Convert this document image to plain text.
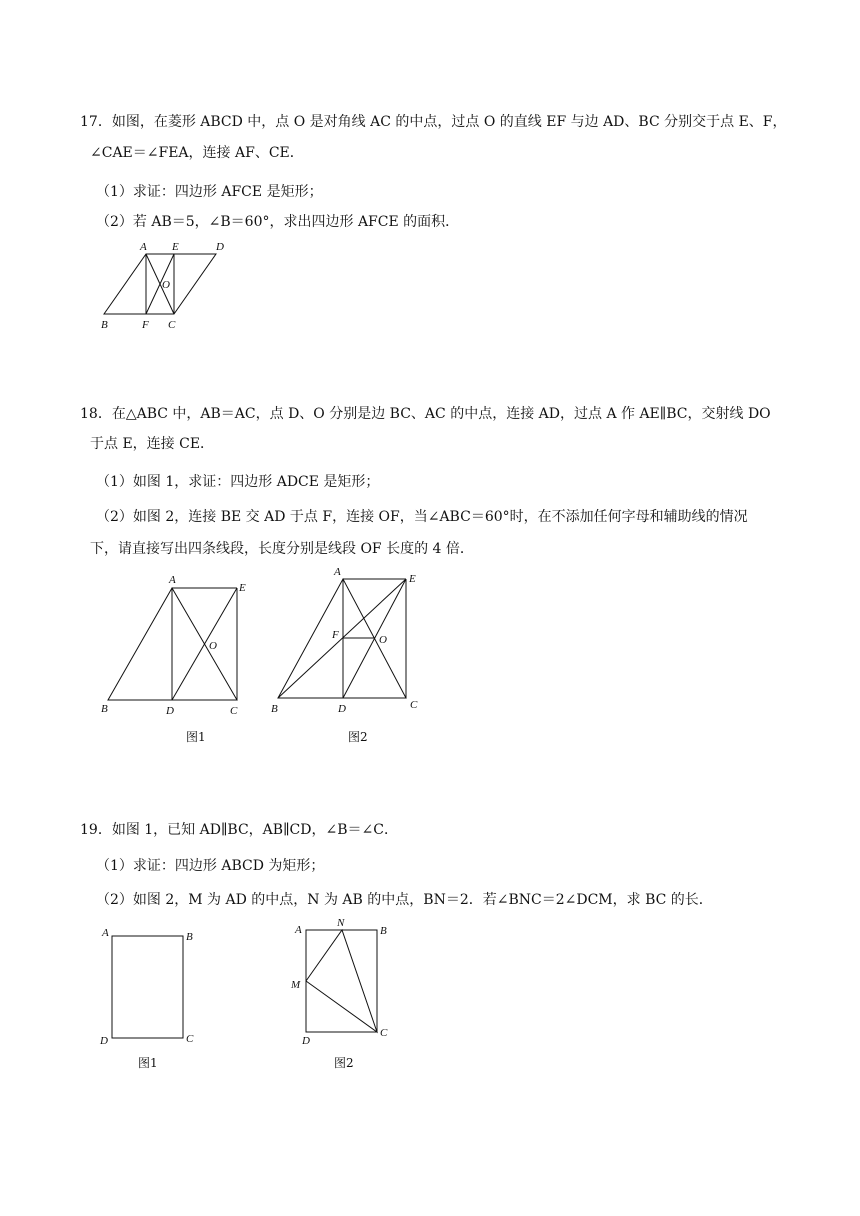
17．如图，在菱形 ABCD 中，点 O 是对角线 AC 的中点，过点 O 的直线 EF 与边 AD、BC 分别交于点 E、F，
∠CAE＝∠FEA，连接 AF、CE．
（1）求证：四边形 AFCE 是矩形；
（2）若 AB＝5，∠B＝60°，求出四边形 AFCE 的面积．
A E	D
O
B	F C
18．在△ABC 中，AB＝AC，点 D、O 分别是边 BC、AC 的中点，连接 AD，过点 A 作 AE∥BC，交射线 DO
于点 E，连接 CE．
（1）如图 1，求证：四边形 ADCE 是矩形；
（2）如图 2，连接 BE 交 AD 于点 F，连接 OF，当∠ABC＝60°时，在不添加任何字母和辅助线的情况
下，请直接写出四条线段，长度分别是线段 OF 长度的 4 倍．
A
E
O
B	D	C
图1
A
E
F	O
B	D	C
图2
19．如图 1，已知 AD∥BC，AB∥CD，∠B＝∠C．
（1）求证：四边形 ABCD 为矩形；
（2）如图 2，M 为 AD 的中点，N 为 AB 的中点，BN＝2．若∠BNC＝2∠DCM，求 BC 的长．
A	B
D	C
图1
A
N
B
M
D
C
图2
